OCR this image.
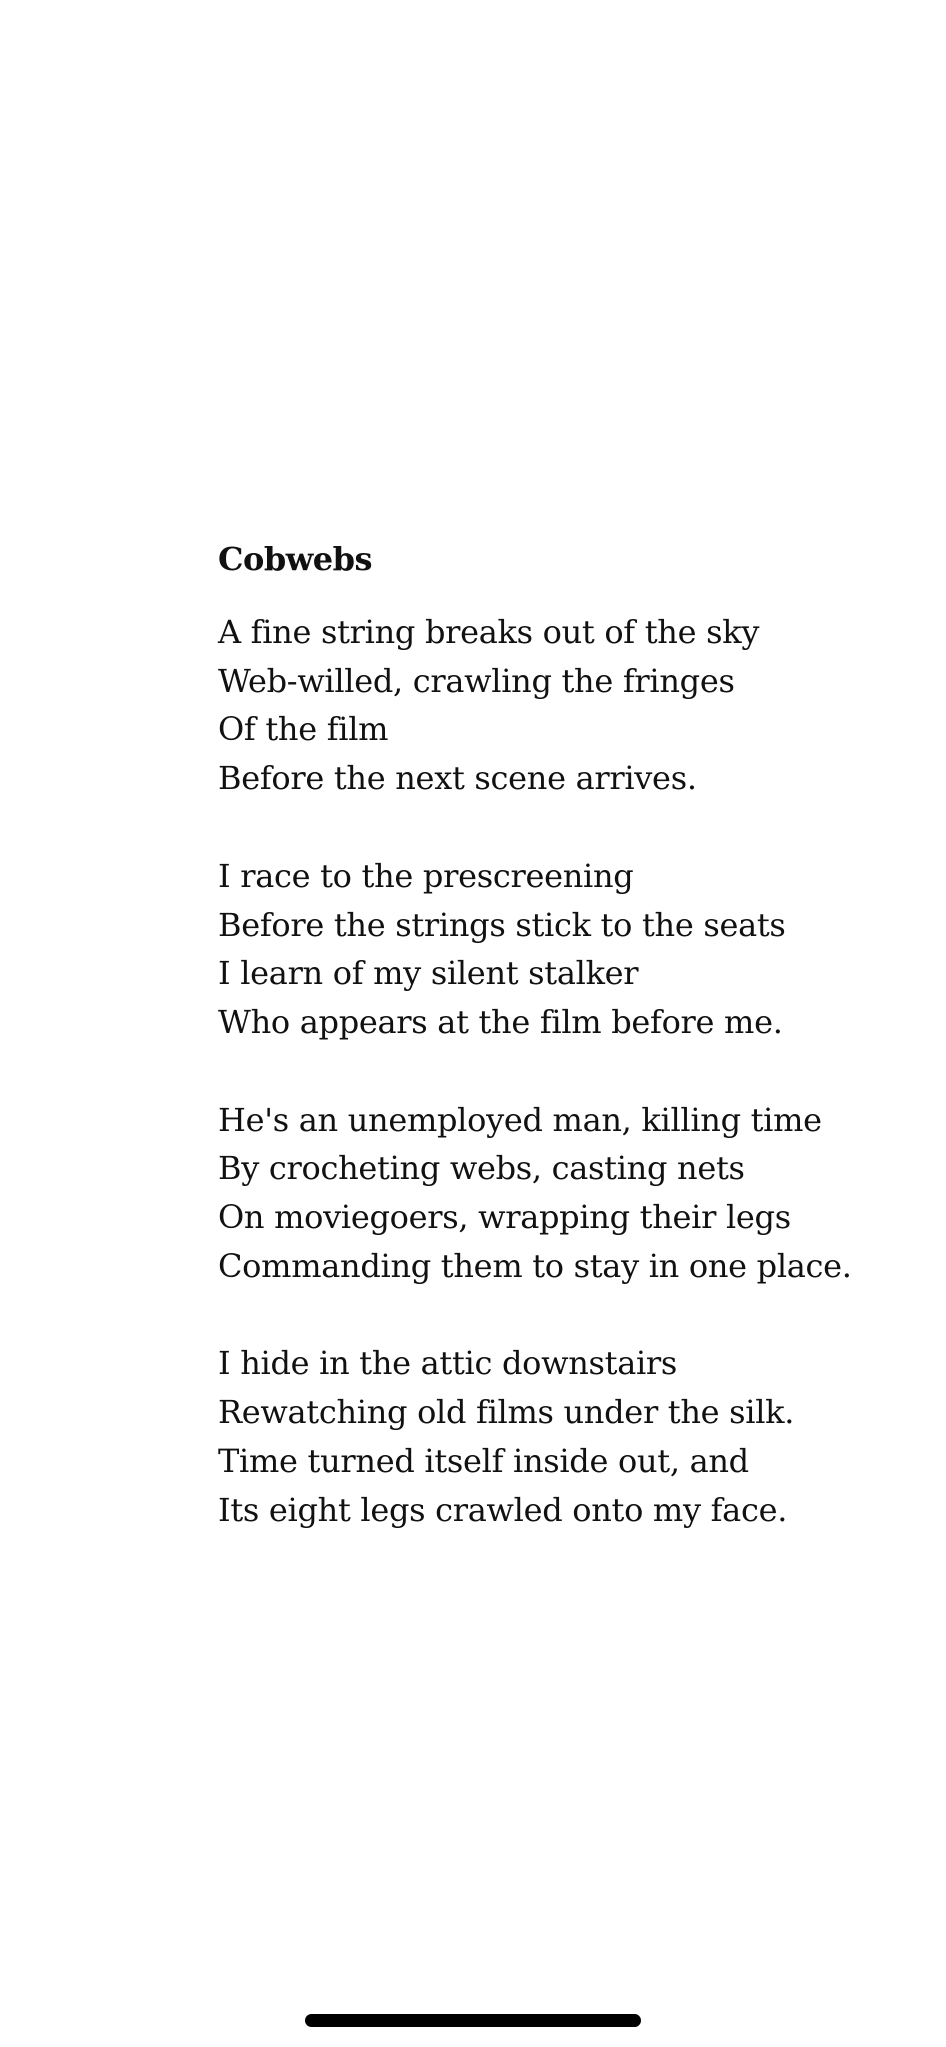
Cobwebs
A fine string breaks out of the sky
Web-willed, crawling the fringes
Of the film
Before the next scene arrives.
I race to the prescreening
Before the strings stick to the seats
I learn of my silent stalker
Who appears at the film before me.
He's an unemployed man, killing time
By crocheting webs, casting nets
On moviegoers, wrapping their legs
Commanding them to stay in one place.
I hide in the attic downstairs
Rewatching old films under the silk.
Time turned itself inside out, and
Its eight legs crawled onto my face.
